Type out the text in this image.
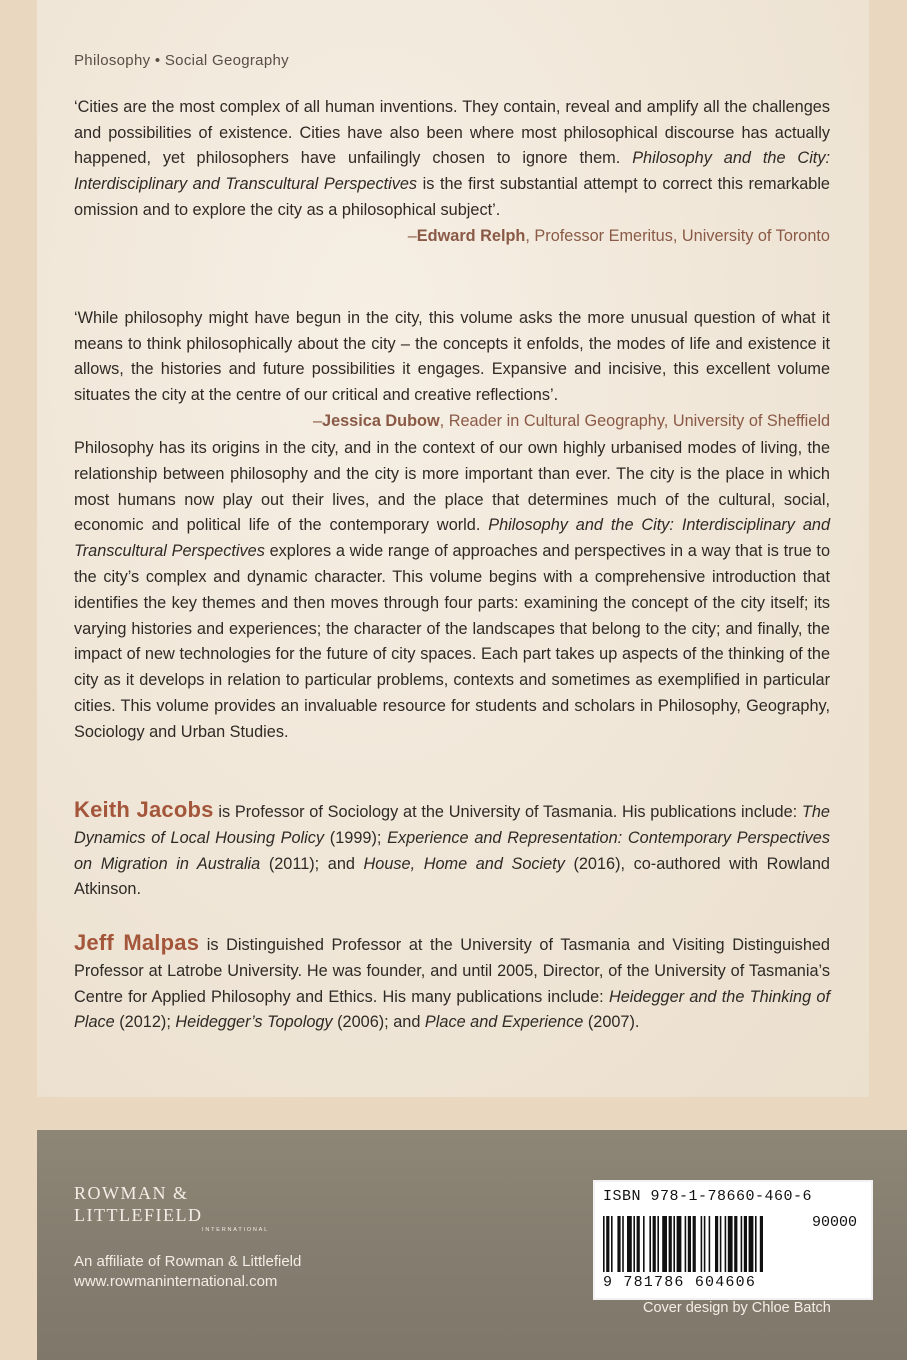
Philosophy • Social Geography
‘Cities are the most complex of all human inventions. They contain, reveal and amplify all the challenges and possibilities of existence. Cities have also been where most philosophical discourse has actually happened, yet philosophers have unfailingly chosen to ignore them. Philosophy and the City: Interdisciplinary and Transcultural Perspectives is the first substantial attempt to correct this remarkable omission and to explore the city as a philosophical subject’.
–Edward Relph, Professor Emeritus, University of Toronto
‘While philosophy might have begun in the city, this volume asks the more unusual question of what it means to think philosophically about the city – the concepts it enfolds, the modes of life and existence it allows, the histories and future possibilities it engages. Expansive and incisive, this excellent volume situates the city at the centre of our critical and creative reflections’.
–Jessica Dubow, Reader in Cultural Geography, University of Sheffield
Philosophy has its origins in the city, and in the context of our own highly urbanised modes of living, the relationship between philosophy and the city is more important than ever. The city is the place in which most humans now play out their lives, and the place that determines much of the cultural, social, economic and political life of the contemporary world. Philosophy and the City: Interdisciplinary and Transcultural Perspectives explores a wide range of approaches and perspectives in a way that is true to the city’s complex and dynamic character. This volume begins with a comprehensive introduction that identifies the key themes and then moves through four parts: examining the concept of the city itself; its varying histories and experiences; the character of the landscapes that belong to the city; and finally, the impact of new technologies for the future of city spaces. Each part takes up aspects of the thinking of the city as it develops in relation to particular problems, contexts and sometimes as exemplified in particular cities. This volume provides an invaluable resource for students and scholars in Philosophy, Geography, Sociology and Urban Studies.
Keith Jacobs is Professor of Sociology at the University of Tasmania. His publications include: The Dynamics of Local Housing Policy (1999); Experience and Representation: Contemporary Perspectives on Migration in Australia (2011); and House, Home and Society (2016), co-authored with Rowland Atkinson.
Jeff Malpas is Distinguished Professor at the University of Tasmania and Visiting Distinguished Professor at Latrobe University. He was founder, and until 2005, Director, of the University of Tasmania’s Centre for Applied Philosophy and Ethics. His many publications include: Heidegger and the Thinking of Place (2012); Heidegger’s Topology (2006); and Place and Experience (2007).
ROWMAN &
LITTLEFIELD
INTERNATIONAL
An affiliate of Rowman & Littlefield
www.rowmaninternational.com
ISBN 978-1-78660-460-6
90000
9 781786 604606
Cover design by Chloe Batch
